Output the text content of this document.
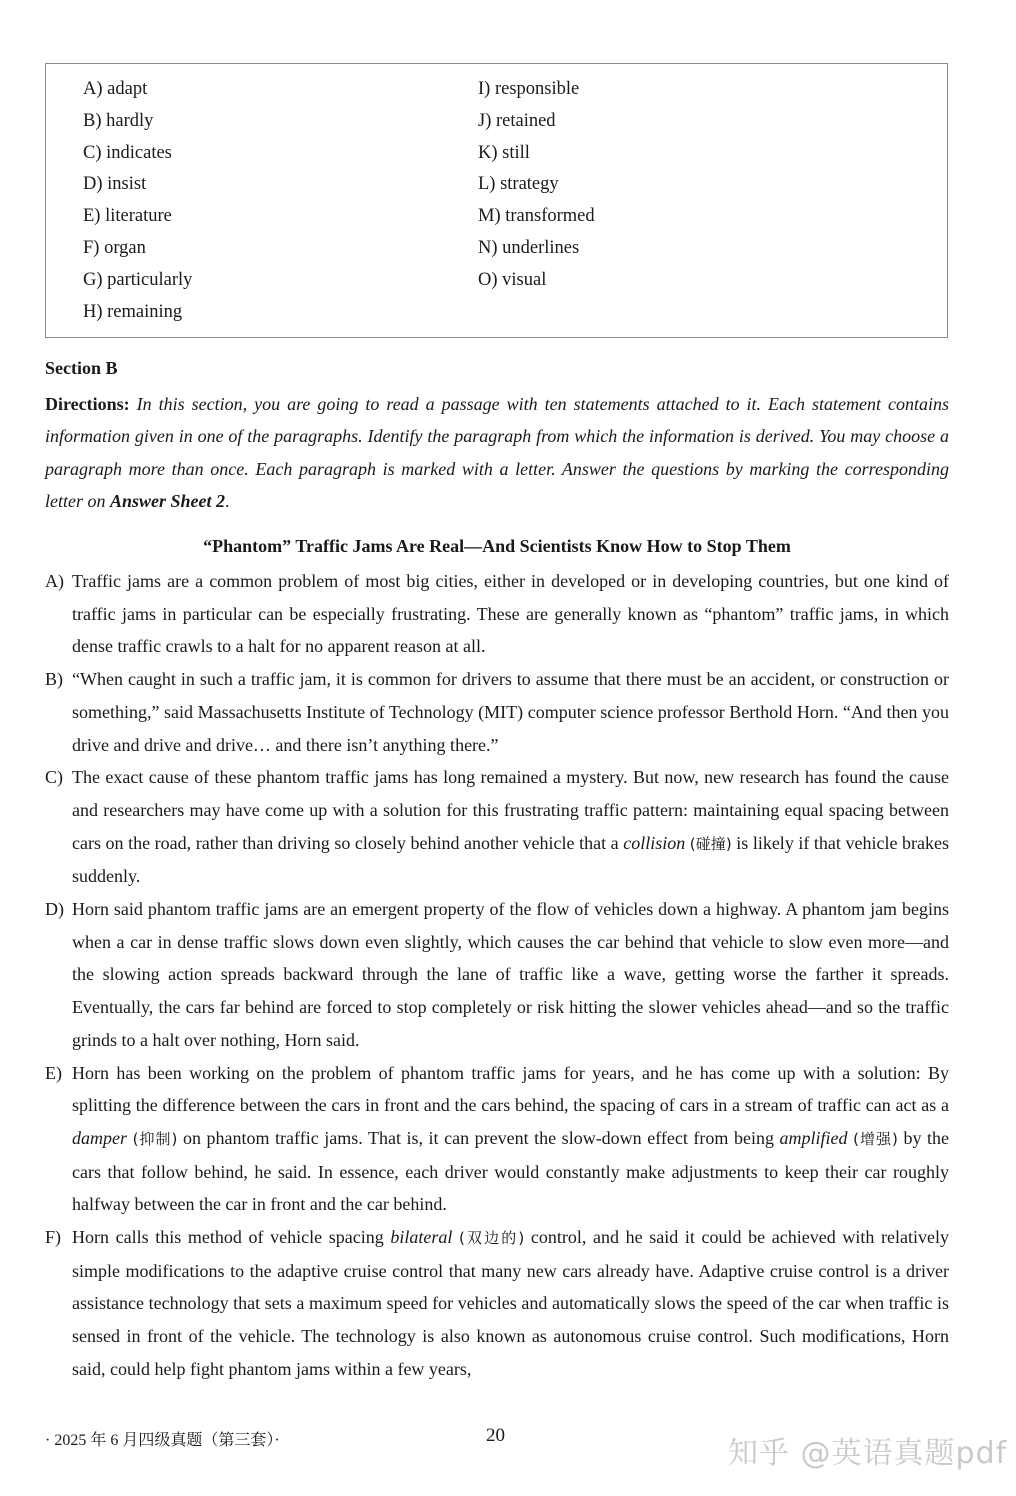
A) adapt
B) hardly
C) indicates
D) insist
E) literature
F) organ
G) particularly
H) remaining
I) responsible
J) retained
K) still
L) strategy
M) transformed
N) underlines
O) visual
Section B
Directions: In this section, you are going to read a passage with ten statements attached to it. Each statement contains information given in one of the paragraphs. Identify the paragraph from which the information is derived. You may choose a paragraph more than once. Each paragraph is marked with a letter. Answer the questions by marking the corresponding letter on Answer Sheet 2.
“Phantom” Traffic Jams Are Real—And Scientists Know How to Stop Them
A) Traffic jams are a common problem of most big cities, either in developed or in developing countries, but one kind of traffic jams in particular can be especially frustrating. These are generally known as “phantom” traffic jams, in which dense traffic crawls to a halt for no apparent reason at all.
B) “When caught in such a traffic jam, it is common for drivers to assume that there must be an accident, or construction or something,” said Massachusetts Institute of Technology (MIT) computer science professor Berthold Horn. “And then you drive and drive and drive… and there isn’t anything there.”
C) The exact cause of these phantom traffic jams has long remained a mystery. But now, new research has found the cause and researchers may have come up with a solution for this frustrating traffic pattern: maintaining equal spacing between cars on the road, rather than driving so closely behind another vehicle that a collision (碰撞) is likely if that vehicle brakes suddenly.
D) Horn said phantom traffic jams are an emergent property of the flow of vehicles down a highway. A phantom jam begins when a car in dense traffic slows down even slightly, which causes the car behind that vehicle to slow even more—and the slowing action spreads backward through the lane of traffic like a wave, getting worse the farther it spreads. Eventually, the cars far behind are forced to stop completely or risk hitting the slower vehicles ahead—and so the traffic grinds to a halt over nothing, Horn said.
E) Horn has been working on the problem of phantom traffic jams for years, and he has come up with a solution: By splitting the difference between the cars in front and the cars behind, the spacing of cars in a stream of traffic can act as a damper (抑制) on phantom traffic jams. That is, it can prevent the slow-down effect from being amplified (增强) by the cars that follow behind, he said. In essence, each driver would constantly make adjustments to keep their car roughly halfway between the car in front and the car behind.
F) Horn calls this method of vehicle spacing bilateral (双边的) control, and he said it could be achieved with relatively simple modifications to the adaptive cruise control that many new cars already have. Adaptive cruise control is a driver assistance technology that sets a maximum speed for vehicles and automatically slows the speed of the car when traffic is sensed in front of the vehicle. The technology is also known as autonomous cruise control. Such modifications, Horn said, could help fight phantom jams within a few years,
· 2025 年 6 月四级真题（第三套）·	20
知乎 @英语真题pdf
